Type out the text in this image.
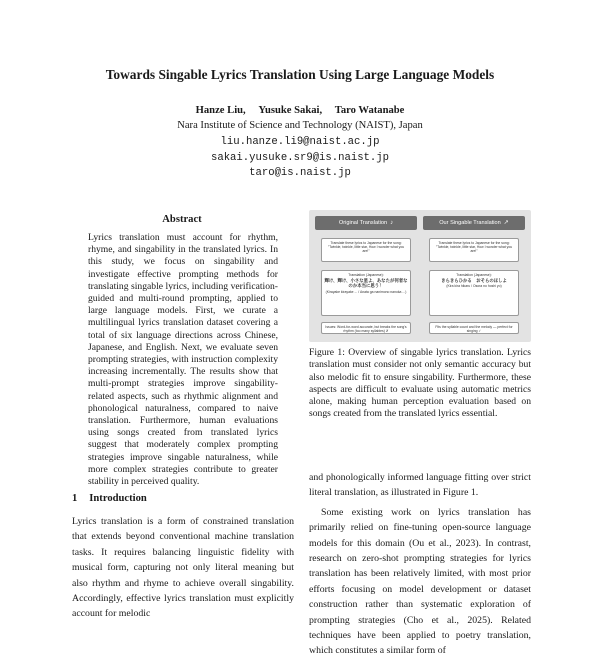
Towards Singable Lyrics Translation Using Large Language Models
Hanze Liu, Yusuke Sakai, Taro Watanabe
Nara Institute of Science and Technology (NAIST), Japan
liu.hanze.li9@naist.ac.jp
sakai.yusuke.sr9@is.naist.jp
taro@is.naist.jp
Abstract
Lyrics translation must account for rhythm, rhyme, and singability in the translated lyrics. In this study, we focus on singability and investigate effective prompting methods for translating singable lyrics, including verification-guided and multi-round prompting, applied to large language models. First, we curate a multilingual lyrics translation dataset covering a total of six language directions across Chinese, Japanese, and English. Next, we evaluate seven prompting strategies, with instruction complexity increasing incrementally. The results show that multi-prompt strategies improve singability-related aspects, such as rhythmic alignment and phonological naturalness, compared to naive translation. Furthermore, human evaluations using songs created from translated lyrics suggest that moderately complex prompting strategies improve singable naturalness, while more complex strategies contribute to greater stability in perceived quality.
1 Introduction
Lyrics translation is a form of constrained translation that extends beyond conventional machine translation tasks. It requires balancing linguistic fidelity with musical form, capturing not only literal meaning but also rhythm and rhyme to achieve overall singability. Accordingly, effective lyrics translation must explicitly account for melodic
Original Translation ♪
Translate these lyrics to Japanese for the song: "Twinkle, twinkle, little star, How I wonder what you are!"
Translation (Japanese):
輝け、輝け、小さな星よ、あなたが何者なのか本当に思う！
(Kirayake kirayake ... / Anata ga nanimono nanoka ...)
Issues: Word-for-word accurate, but breaks the song's rhythm (too many syllables) ✗
Our Singable Translation ↗
Translate these lyrics to Japanese for the song: "Twinkle, twinkle, little star, How I wonder what you are!"
Translation (Japanese):
きらきらひかる　おそらのほしよ
(Kira kira hikaru / Osora no hoshi yo)
Fits the syllable count and the melody — perfect for singing ✓
Figure 1: Overview of singable lyrics translation. Lyrics translation must consider not only semantic accuracy but also melodic fit to ensure singability. Furthermore, these aspects are difficult to evaluate using automatic metrics alone, making human perception evaluation based on songs created from the translated lyrics essential.

and phonologically informed language fitting over strict literal translation, as illustrated in Figure 1.

Some existing work on lyrics translation has primarily relied on fine-tuning open-source language models for this domain (Ou et al., 2023). In contrast, research on zero-shot prompting strategies for lyrics translation has been relatively limited, with most prior efforts focusing on model development or dataset construction rather than systematic exploration of prompting strategies (Cho et al., 2025). Related techniques have been applied to poetry translation, which constitutes a similar form of
